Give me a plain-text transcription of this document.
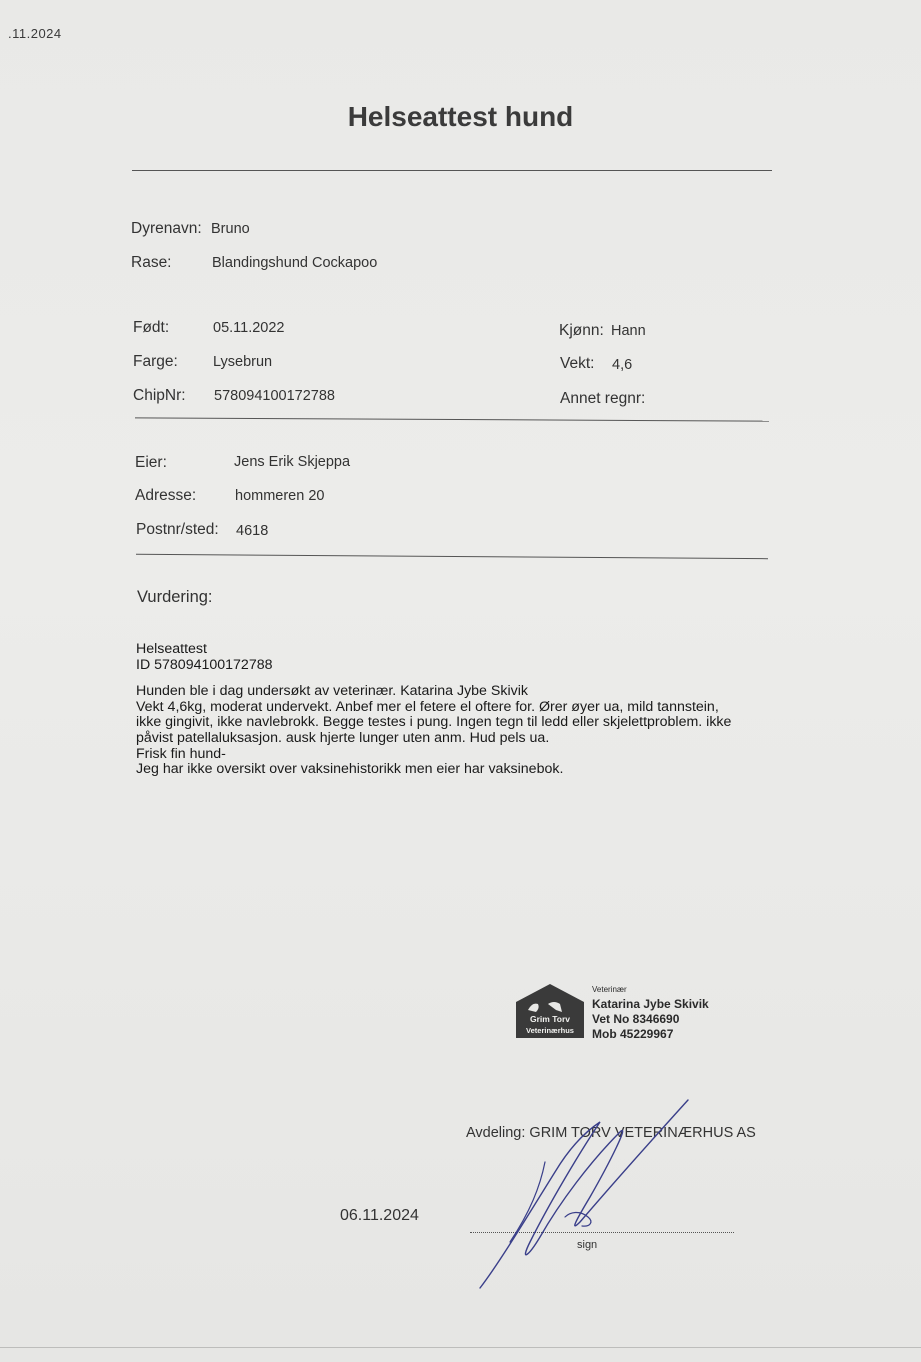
.11.2024
Helseattest hund
Dyrenavn: Bruno
Rase:	Blandingshund Cockapoo
Født:	05.11.2022
Farge: Lysebrun
ChipNr: 578094100172788
Kjønn: Hann
Vekt: 4,6
Annet regnr:
Eier:	Jens Erik Skjeppa
Adresse:	hommeren 20
Postnr/sted: 4618
Vurdering:
Helseattest
ID 578094100172788
Hunden ble i dag undersøkt av veterinær. Katarina Jybe Skivik
Vekt 4,6kg, moderat undervekt. Anbef mer el fetere el oftere for. Ører øyer ua, mild tannstein,
ikke gingivit, ikke navlebrokk. Begge testes i pung. Ingen tegn til ledd eller skjelettproblem. ikke
påvist patellaluksasjon. ausk hjerte lunger uten anm. Hud pels ua.
Frisk fin hund-
Jeg har ikke oversikt over vaksinehistorikk men eier har vaksinebok.
Grim Torv
Veterinærhus
Veterinær
Katarina Jybe Skivik
Vet No 8346690
Mob 45229967
Avdeling: GRIM TORV VETERINÆRHUS AS
06.11.2024
sign
